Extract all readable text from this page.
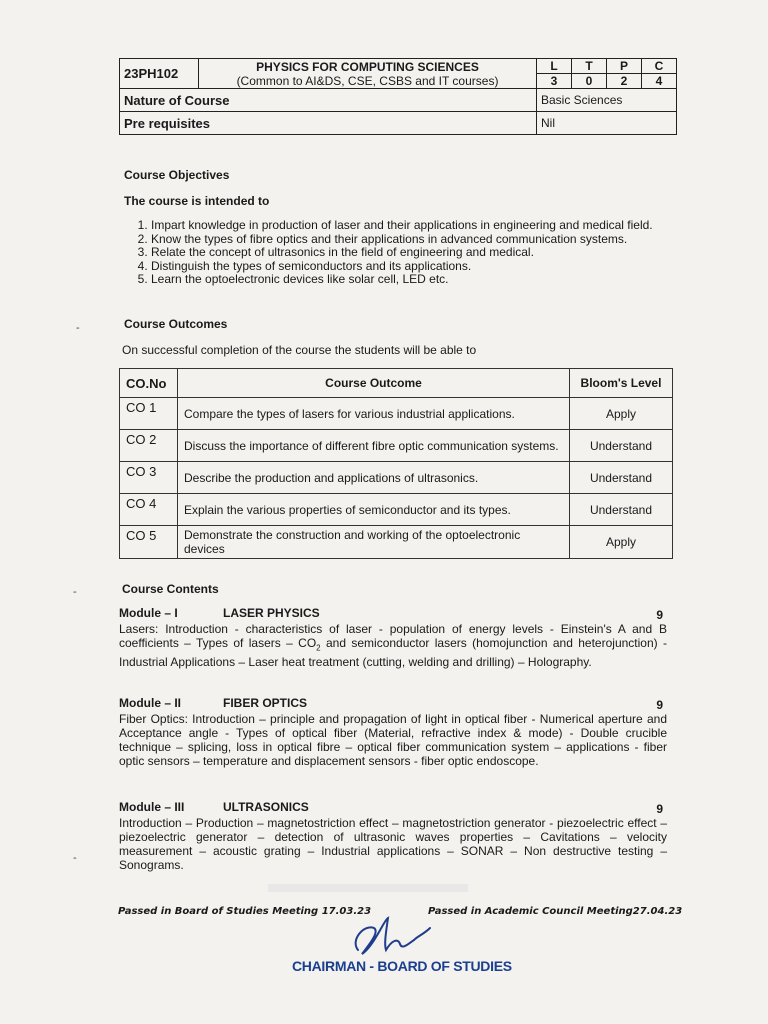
23PH102	PHYSICS FOR COMPUTING SCIENCES
(Common to AI&DS, CSE, CSBS and IT courses)	L	T	P	C
		3	0	2	4
Nature of Course		Basic Sciences			
Pre requisites		Nil			
Course Objectives
The course is intended to
1. Impart knowledge in production of laser and their applications in engineering and medical field.
2. Know the types of fibre optics and their applications in advanced communication systems.
3. Relate the concept of ultrasonics in the field of engineering and medical.
4. Distinguish the types of semiconductors and its applications.
5. Learn the optoelectronic devices like solar cell, LED etc.
Course Outcomes
On successful completion of the course the students will be able to
CO.No	Course Outcome	Bloom's Level
CO 1	Compare the types of lasers for various industrial applications.	Apply
CO 2	Discuss the importance of different fibre optic communication systems.	Understand
CO 3	Describe the production and applications of ultrasonics.	Understand
CO 4	Explain the various properties of semiconductor and its types.	Understand
CO 5	Demonstrate the construction and working of the optoelectronic devices	Apply
Course Contents
Module – I	LASER PHYSICS	9
Lasers: Introduction - characteristics of laser - population of energy levels - Einstein's A and B coefficients – Types of lasers – $CO_2$ and semiconductor lasers (homojunction and heterojunction) - Industrial Applications – Laser heat treatment (cutting, welding and drilling) – Holography.
Module – II	FIBER OPTICS	9
Fiber Optics: Introduction – principle and propagation of light in optical fiber - Numerical aperture and Acceptance angle - Types of optical fiber (Material, refractive index & mode) - Double crucible technique – splicing, loss in optical fibre – optical fiber communication system – applications - fiber optic sensors – temperature and displacement sensors - fiber optic endoscope.
Module – III	ULTRASONICS	9
Introduction – Production – magnetostriction effect – magnetostriction generator - piezoelectric effect – piezoelectric generator – detection of ultrasonic waves properties – Cavitations – velocity measurement – acoustic grating – Industrial applications – SONAR – Non destructive testing – Sonograms.
Passed in Board of Studies Meeting 17.03.23	Passed in Academic Council Meeting27.04.23
CHAIRMAN - BOARD OF STUDIES
-
-
-
